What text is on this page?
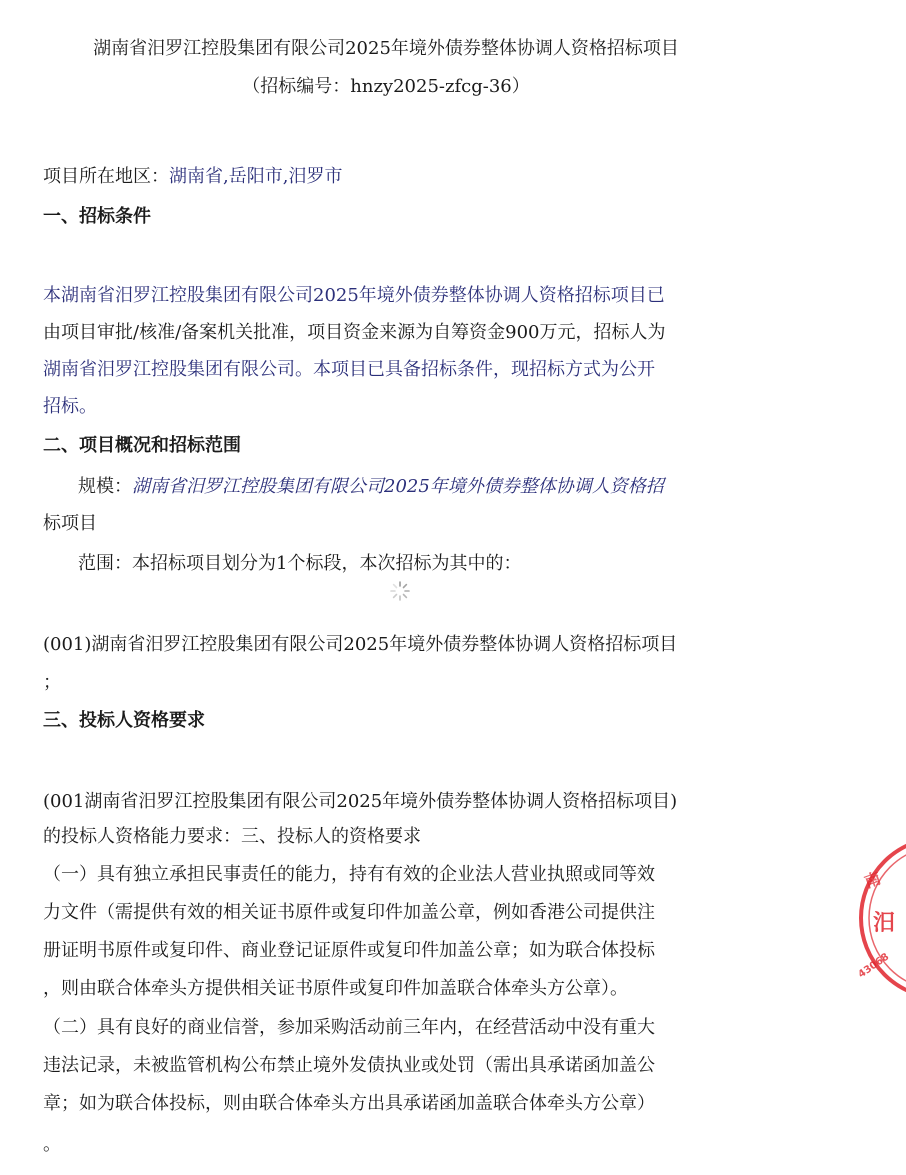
湖南省汨罗江控股集团有限公司2025年境外债券整体协调人资格招标项目
（招标编号：hnzy2025-zfcg-36）
项目所在地区：湖南省,岳阳市,汨罗市
一、招标条件
本湖南省汨罗江控股集团有限公司2025年境外债券整体协调人资格招标项目已
由项目审批/核准/备案机关批准，项目资金来源为自筹资金900万元，招标人为
湖南省汨罗江控股集团有限公司。本项目已具备招标条件，现招标方式为公开
招标。
二、项目概况和招标范围
规模：湖南省汨罗江控股集团有限公司2025年境外债券整体协调人资格招
标项目
范围：本招标项目划分为1个标段，本次招标为其中的：
(001)湖南省汨罗江控股集团有限公司2025年境外债券整体协调人资格招标项目
；
三、投标人资格要求
(001湖南省汨罗江控股集团有限公司2025年境外债券整体协调人资格招标项目)
的投标人资格能力要求：三、投标人的资格要求
（一）具有独立承担民事责任的能力，持有有效的企业法人营业执照或同等效
力文件（需提供有效的相关证书原件或复印件加盖公章，例如香港公司提供注
册证明书原件或复印件、商业登记证原件或复印件加盖公章；如为联合体投标
，则由联合体牵头方提供相关证书原件或复印件加盖联合体牵头方公章）。
（二）具有良好的商业信誉，参加采购活动前三年内，在经营活动中没有重大
违法记录，未被监管机构公布禁止境外发债执业或处罚（需出具承诺函加盖公
章；如为联合体投标，则由联合体牵头方出具承诺函加盖联合体牵头方公章）
。
汨
43068
南
